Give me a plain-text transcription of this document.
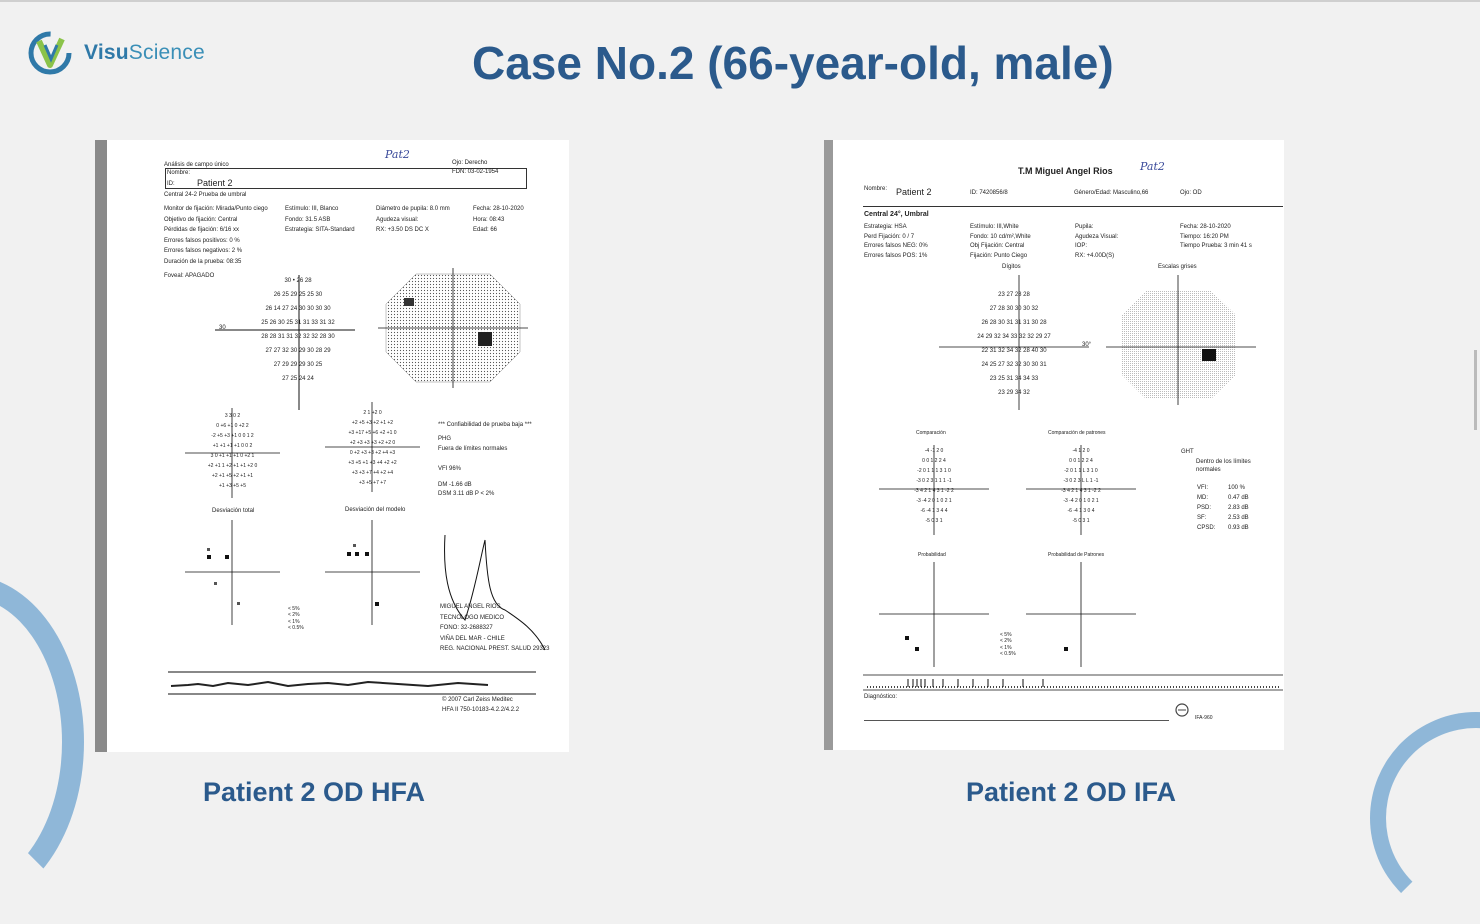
VisuScience	Case No.2 (66-year-old, male)
Análisis de campo único
Pat2
Ojo: Derecho
Nombre:
ID: Patient 2
FDN: 03-02-1954
Central 24-2 Prueba de umbral
Monitor de fijación: Mirada/Punto ciego
Objetivo de fijación: Central
Pérdidas de fijación: 6/16 xx
Errores falsos positivos: 0 %
Errores falsos negativos: 2 %
Duración de la prueba: 08:35
Estímulo: III, Blanco
Fondo: 31.5 ASB
Estrategia: SITA-Standard
Diámetro de pupila: 8.0 mm
Agudeza visual:
RX: +3.50 DS DC X
Fecha: 28-10-2020
Hora: 08:43
Edad: 66
Foveal: APAGADO
30
30 • 26 28
26 25 29 25 25 30
26 14 27 24 30 30 30 30
25 26 30 25 31 31 33 31 32
28 28 31 31 32 32 32 28 30
27 27 32 30 29 30 28 29
27 29 29 29 30 25
27 25 24 24
3 3 0 2
0 +6 +1 0 +2 2
-2 +5 +3 +1 0 0 1 2
+1 +1 +1 +1 0 0 2
3 0 +1 +1 +1 0 +2 1
+2 +1 1 +2 +1 +1 +2 0
+2 +1 +5 +2 +1 +1
+1 +3 +5 +5
2 1 +2 0
+2 +5 +3 +2 +1 +2
+3 +17 +5 +6 +2 +1 0
+2 +3 +3 +3 +2 +2 0
0 +2 +3 +3 +2 +4 +3
+3 +5 +1 +3 +4 +2 +2
+3 +3 +7 +4 +2 +4
+3 +5 +7 +7
*** Confiabilidad de prueba baja ***
PHG
Fuera de límites normales
VFI 96%
DM -1.66 dB
DSM 3.11 dB P < 2%
Desviación total	Desviación del modelo
< 5%
< 2%
< 1%
< 0.5%
MIGUEL ANGEL RIOS
TECNOLOGO MEDICO
FONO: 32-2688327
VIÑA DEL MAR - CHILE
REG. NACIONAL PREST. SALUD 29323
© 2007 Carl Zeiss Meditec
HFA II 750-10183-4.2.2/4.2.2
T.M Miguel Angel Rios Pat2
Nombre: Patient 2	ID: 7420856/8	Género/Edad: Masculino,66	Ojo: OD
Central 24°, Umbral
Estrategia: HSA
Perd Fijación: 0 / 7
Errores falsos NEG: 0%
Errores falsos POS: 1%
Estímulo: III,White
Fondo: 10 cd/m²,White
Obj Fijación: Central
Fijación: Punto Ciego
Pupila:
Agudeza Visual:
IOP:
RX: +4.00D(S)
Fecha: 28-10-2020
Tiempo: 16:20 PM
Tiempo Prueba: 3 min 41 s
Dígitos	Escalas grises
30°
23 27 28 28
27 28 30 30 30 32
26 28 30 31 31 31 30 28
24 29 32 34 33 32 32 29 27
22 31 32 34 32 28 40 30
24 25 27 32 32 30 30 31
23 25 31 34 34 33
23 29 34 32
Comparación	Comparación de patrones
-4 -1 2 0
0 0 1 2 2 4
-2 0 1 1 1 3 1 0
-3 0 2 3 1 1 1 -1
-3 4 2 1 4 3 1 -2 2
-3 -4 2 0 1 0 2 1
-6 -4 1 3 4 4
-5 0 3 1
-4 1 2 0
0 0 1 2 2 4
-2 0 1 1 L 3 1 0
-3 0 2 3 L L 1 -1
-3 4 2 1 4 3 1 -2 2
-3 -4 2 0 1 0 2 1
-6 -4 1 3 0 4
-5 0 3 1
GHT
Dentro de los límites normales
VFI:	100 %
MD:	0.47 dB
PSD:	2.83 dB
SF:	2.53 dB
CPSD: 0.93 dB
Probabilidad	Probabilidad de Patrones
< 5%
< 2%
< 1%
< 0.5%
Diagnóstico:
IFA-960
Patient 2 OD HFA	Patient 2 OD IFA
